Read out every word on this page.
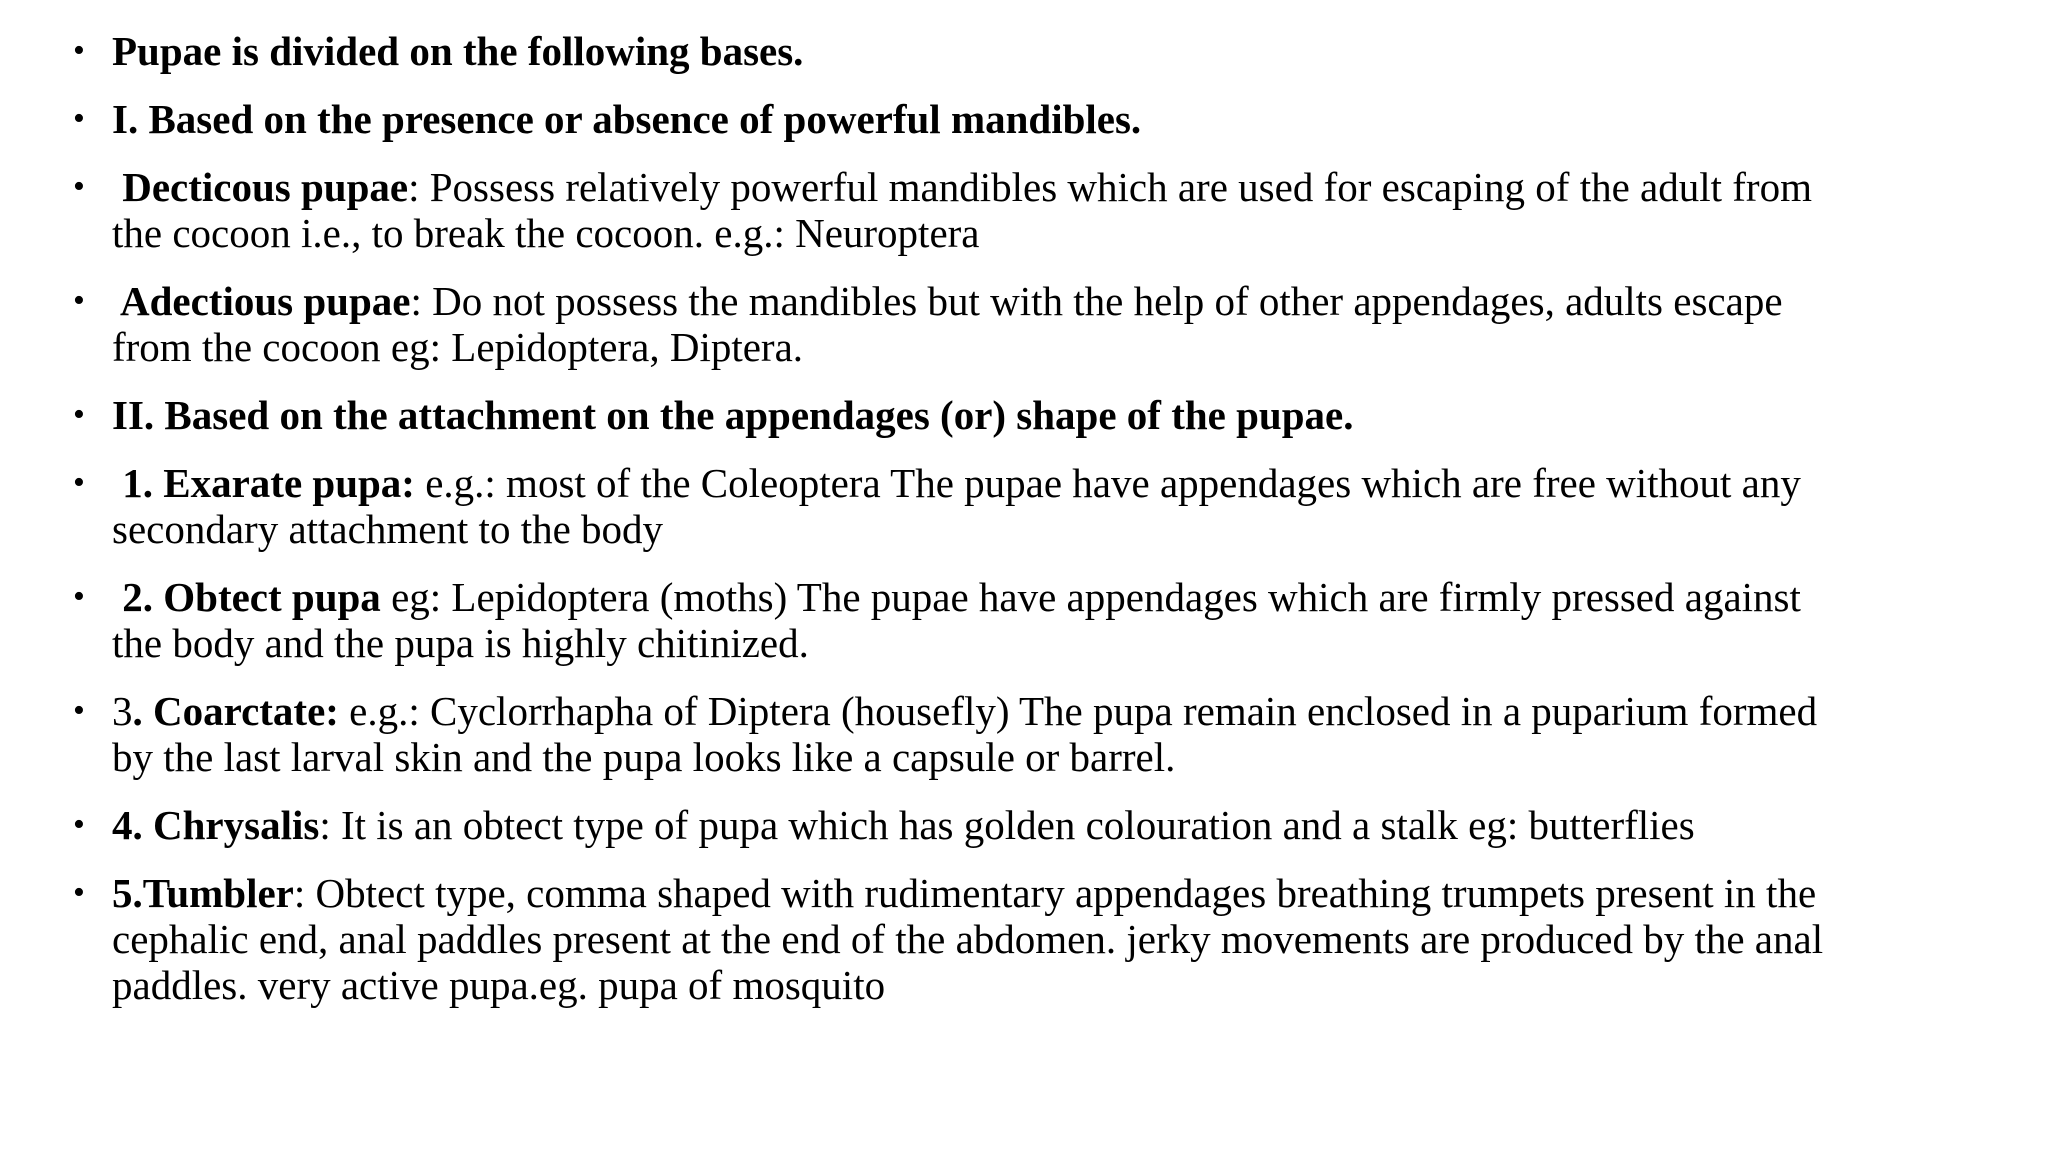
• Pupae is divided on the following bases.
• I. Based on the presence or absence of powerful mandibles.
• Decticous pupae: Possess relatively powerful mandibles which are used for escaping of the adult from the cocoon i.e., to break the cocoon. e.g.: Neuroptera
• Adectious pupae: Do not possess the mandibles but with the help of other appendages, adults escape from the cocoon eg: Lepidoptera, Diptera.
• II. Based on the attachment on the appendages (or) shape of the pupae.
• 1. Exarate pupa: e.g.: most of the Coleoptera The pupae have appendages which are free without any secondary attachment to the body
• 2. Obtect pupa eg: Lepidoptera (moths) The pupae have appendages which are firmly pressed against the body and the pupa is highly chitinized.
• 3. Coarctate: e.g.: Cyclorrhapha of Diptera (housefly) The pupa remain enclosed in a puparium formed by the last larval skin and the pupa looks like a capsule or barrel.
• 4. Chrysalis: It is an obtect type of pupa which has golden colouration and a stalk eg: butterflies
• 5.Tumbler: Obtect type, comma shaped with rudimentary appendages breathing trumpets present in the cephalic end, anal paddles present at the end of the abdomen. jerky movements are produced by the anal paddles. very active pupa.eg. pupa of mosquito
